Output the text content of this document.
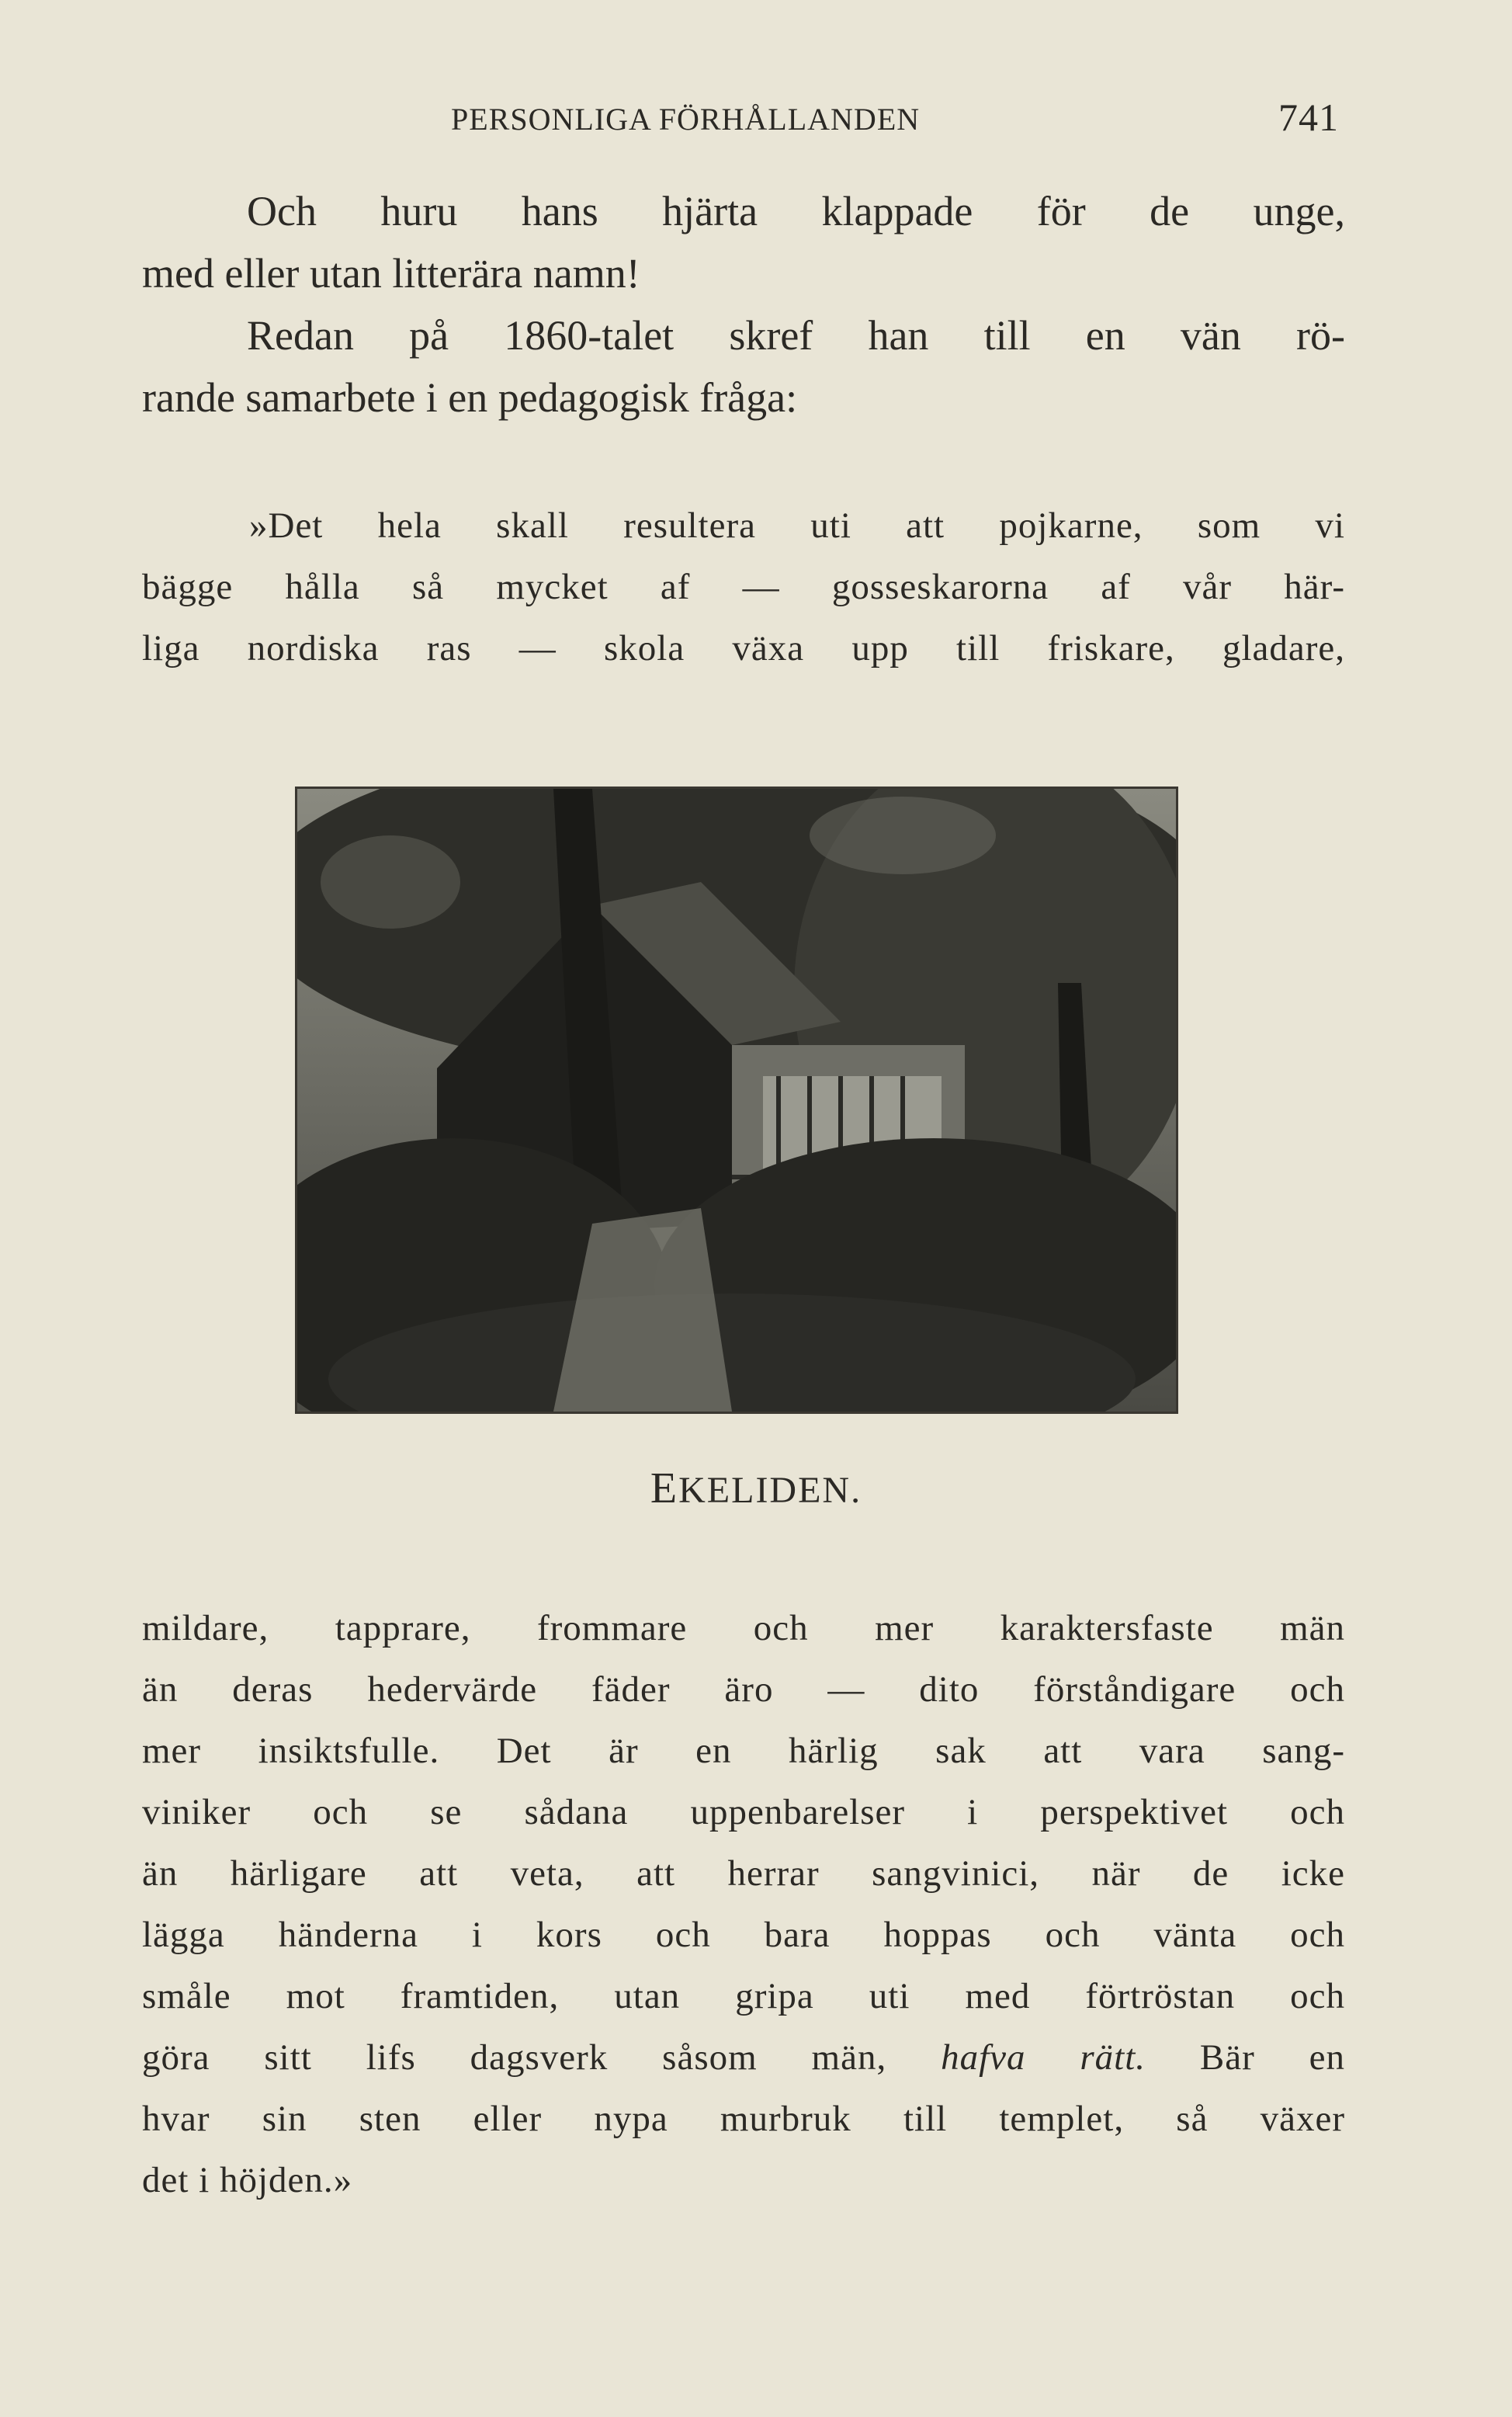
PERSONLIGA FÖRHÅLLANDEN	741
Och huru hans hjärta klappade för de unge,
med eller utan litterära namn!
Redan på 1860-talet skref han till en vän rö-
rande samarbete i en pedagogisk fråga:
»Det hela skall resultera uti att pojkarne, som vi
bägge hålla så mycket af — gosseskarorna af vår här-
liga nordiska ras — skola växa upp till friskare, gladare,
EKELIDEN.
mildare, tapprare, frommare och mer karaktersfaste män
än deras hedervärde fäder äro — dito förståndigare och
mer insiktsfulle. Det är en härlig sak att vara sang-
viniker och se sådana uppenbarelser i perspektivet och
än härligare att veta, att herrar sangvinici, när de icke
lägga händerna i kors och bara hoppas och vänta och
småle mot framtiden, utan gripa uti med förtröstan och
göra sitt lifs dagsverk såsom män, hafva rätt. Bär en
hvar sin sten eller nypa murbruk till templet, så växer
det i höjden.»
